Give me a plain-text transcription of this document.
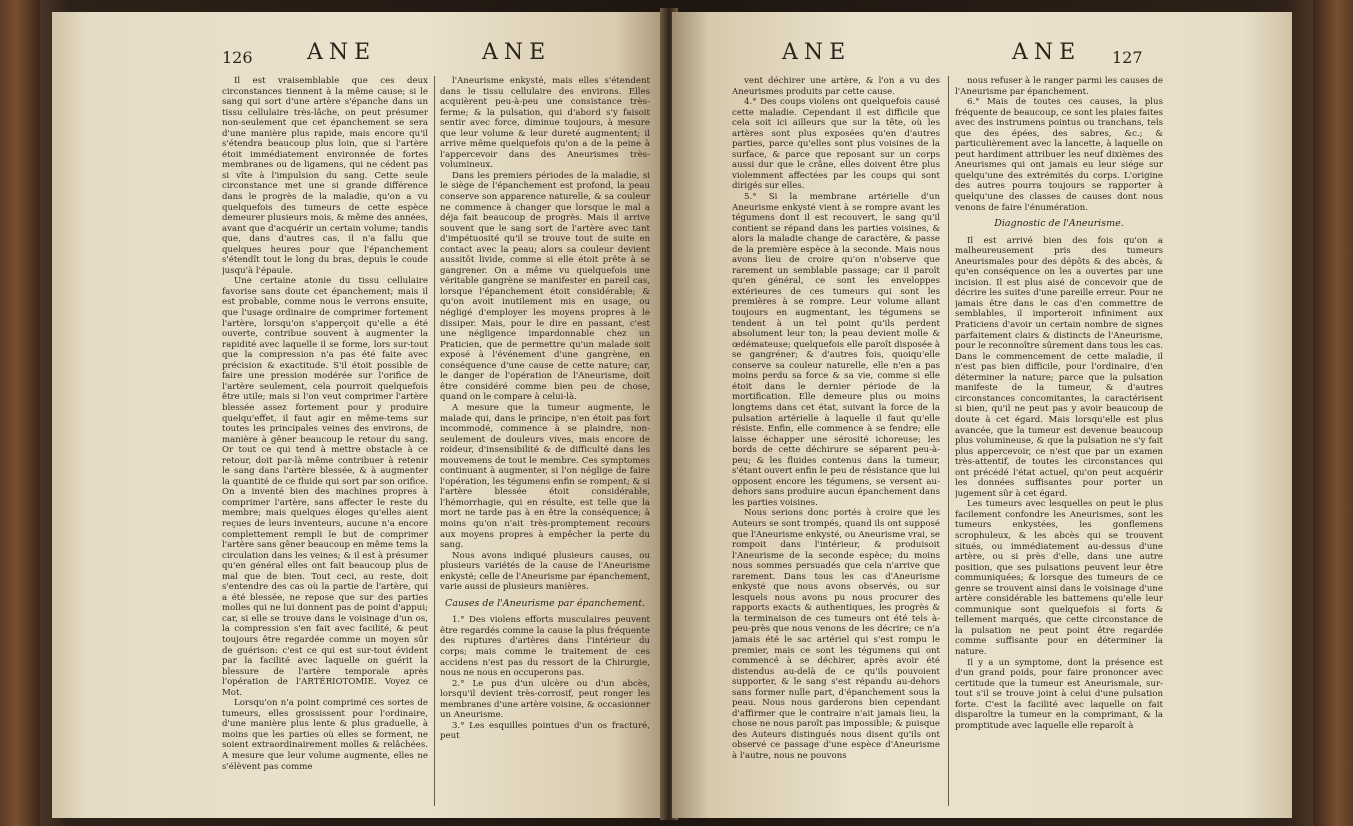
126 ANE	ANE

Il est vraisemblable que ces deux circonstances tiennent à la même cause; si le sang qui sort d'une artère s'épanche dans un tissu cellulaire très-lâche, on peut présumer non-seulement que cet épanchement se sera d'une manière plus rapide, mais encore qu'il s'étendra beaucoup plus loin, que si l'artère étoit immédiatement environnée de fortes membranes ou de ligamens, qui ne cédent pas si vîte à l'impulsion du sang. Cette seule circonstance met une si grande différence dans le progrès de la maladie, qu'on a vu quelquefois des tumeurs de cette espèce demeurer plusieurs mois, & même des années, avant que d'acquérir un certain volume; tandis que, dans d'autres cas, il n'a fallu que quelques heures pour que l'épanchement s'étendît tout le long du bras, depuis le coude jusqu'à l'épaule.

Une certaine atonie du tissu cellulaire favorise sans doute cet épanchement; mais il est probable, comme nous le verrons ensuite, que l'usage ordinaire de comprimer fortement l'artère, lorsqu'on s'apperçoit qu'elle a été ouverte, contribue souvent à augmenter la rapidité avec laquelle il se forme, lors sur-tout que la compression n'a pas été faite avec précision & exactitude. S'il étoit possible de faire une pression modérée sur l'orifice de l'artère seulement, cela pourroit quelquefois être utile; mais si l'on veut comprimer l'artère blessée assez fortement pour y produire quelqu'effet, il faut agir en même-tems sur toutes les principales veines des environs, de manière à gêner beaucoup le retour du sang. Or tout ce qui tend à mettre obstacle à ce retour, doit par-là même contribuer à retenir le sang dans l'artère blessée, & à augmenter la quantité de ce fluide qui sort par son orifice. On a inventé bien des machines propres à comprimer l'artère, sans affecter le reste du membre; mais quelques éloges qu'elles aient reçues de leurs inventeurs, aucune n'a encore complettement rempli le but de comprimer l'artère sans gêner beaucoup en même tems la circulation dans les veines; & il est à présumer qu'en général elles ont fait beaucoup plus de mal que de bien. Tout ceci, au reste, doit s'entendre des cas où la partie de l'artère, qui a été blessée, ne repose que sur des parties molles qui ne lui donnent pas de point d'appui; car, si elle se trouve dans le voisinage d'un os, la compression s'en fait avec facilité, & peut toujours être regardée comme un moyen sûr de guérison: c'est ce qui est sur-tout évident par la facilité avec laquelle on guérit la blessure de l'artère temporale après l'opération de l'ARTÉRIOTOMIE. Voyez ce Mot.

Lorsqu'on n'a point comprimé ces sortes de tumeurs, elles grossissent pour l'ordinaire, d'une manière plus lente & plus graduelle, à moins que les parties où elles se forment, ne soient extraordinairement molles & relâchées. A mesure que leur volume augmente, elles ne s'élèvent pas comme

l'Aneurisme enkysté, mais elles s'étendent dans le tissu cellulaire des environs. Elles acquièrent peu-à-peu une consistance très-ferme; & la pulsation, qui d'abord s'y faisoit sentir avec force, diminue toujours, à mesure que leur volume & leur dureté augmentent; il arrive même quelquefois qu'on a de la peine à l'appercevoir dans des Aneurismes très-volumineux.

Dans les premiers périodes de la maladie, si le siège de l'épanchement est profond, la peau conserve son apparence naturelle, & sa couleur ne commence à changer que lorsque le mal a déja fait beaucoup de progrès. Mais il arrive souvent que le sang sort de l'artère avec tant d'impétuosité qu'il se trouve tout de suite en contact avec la peau; alors sa couleur devient aussitôt livide, comme si elle étoit prête à se gangrener. On a même vu quelquefois une véritable gangrène se manifester en pareil cas, lorsque l'épanchement étoit considérable; & qu'on avoit inutilement mis en usage, ou négligé d'employer les moyens propres à le dissiper. Mais, pour le dire en passant, c'est une négligence impardonnable chez un Praticien, que de permettre qu'un malade soit exposé à l'événement d'une gangrène, en conséquence d'une cause de cette nature; car, le danger de l'opération de l'Aneurisme, doit être considéré comme bien peu de chose, quand on le compare à celui-là.

A mesure que la tumeur augmente, le malade qui, dans le principe, n'en étoit pas fort incommodé, commence à se plaindre, non-seulement de douleurs vives, mais encore de roideur, d'insensibilité & de difficulté dans les mouvemens de tout le membre. Ces symptomes continuant à augmenter, si l'on néglige de faire l'opération, les tégumens enfin se rompent; & si l'artère blessée étoit considérable, l'hémorrhagie, qui en résulte, est telle que la mort ne tarde pas à en être la conséquence; à moins qu'on n'ait très-promptement recours aux moyens propres à empêcher la perte du sang.

Nous avons indiqué plusieurs causes, ou plusieurs variétés de la cause de l'Aneurisme enkysté; celle de l'Aneurisme par épanchement, varie aussi de plusieurs manières.

Causes de l'Aneurisme par épanchement.

1.° Des violens efforts musculaires peuvent être regardés comme la cause la plus fréquente des ruptures d'artères dans l'intérieur du corps; mais comme le traitement de ces accidens n'est pas du ressort de la Chirurgie, nous ne nous en occuperons pas.

2.° Le pus d'un ulcère ou d'un abcès, lorsqu'il devient très-corrosif, peut ronger les membranes d'une artère voisine, & occasionner un Aneurisme.

3.° Les esquilles pointues d'un os fracturé, peut

ANE	ANE 127

vent déchirer une artère, & l'on a vu des Aneurismes produits par cette cause.

4.° Des coups violens ont quelquefois causé cette maladie. Cependant il est difficile que cela soit ici ailleurs que sur la tête, où les artères sont plus exposées qu'en d'autres parties, parce qu'elles sont plus voisines de la surface, & parce que reposant sur un corps aussi dur que le crâne, elles doivent être plus violemment affectées par les coups qui sont dirigés sur elles.

5.° Si la membrane artérielle d'un Aneurisme enkysté vient à se rompre avant les tégumens dont il est recouvert, le sang qu'il contient se répand dans les parties voisines, & alors la maladie change de caractère, & passe de la première espèce à la seconde. Mais nous avons lieu de croire qu'on n'observe que rarement un semblable passage; car il paroît qu'en général, ce sont les enveloppes extérieures de ces tumeurs qui sont les premières à se rompre. Leur volume allant toujours en augmentant, les tégumens se tendent à un tel point qu'ils perdent absolument leur ton; la peau devient molle & œdémateuse; quelquefois elle paroît disposée à se gangréner; & d'autres fois, quoiqu'elle conserve sa couleur naturelle, elle n'en a pas moins perdu sa force & sa vie, comme si elle étoit dans le dernier période de la mortification. Elle demeure plus ou moins longtems dans cet état, suivant la force de la pulsation artérielle à laquelle il faut qu'elle résiste. Enfin, elle commence à se fendre; elle laisse échapper une sérosité ichoreuse; les bords de cette déchirure se séparent peu-à-peu; & les fluides contenus dans la tumeur, s'étant ouvert enfin le peu de résistance que lui opposent encore les tégumens, se versent au-dehors sans produire aucun épanchement dans les parties voisines.

Nous serions donc portés à croire que les Auteurs se sont trompés, quand ils ont supposé que l'Aneurisme enkysté, ou Aneurisme vrai, se rompoit dans l'intérieur, & produisoit l'Aneurisme de la seconde espèce; du moins nous sommes persuadés que cela n'arrive que rarement. Dans tous les cas d'Aneurisme enkysté que nous avons observés, ou sur lesquels nous avons pu nous procurer des rapports exacts & authentiques, les progrès & la terminaison de ces tumeurs ont été tels à-peu-près que nous venons de les décrire; ce n'a jamais été le sac artériel qui s'est rompu le premier, mais ce sont les tégumens qui ont commencé à se déchirer, après avoir été distendus au-delà de ce qu'ils pouvoient supporter, & le sang s'est répandu au-dehors sans former nulle part, d'épanchement sous la peau. Nous nous garderons bien cependant d'affirmer que le contraire n'ait jamais lieu, la chose ne nous paroît pas impossible; & puisque des Auteurs distingués nous disent qu'ils ont observé ce passage d'une espèce d'Aneurisme à l'autre, nous ne pouvons

nous refuser à le ranger parmi les causes de l'Aneurisme par épanchement.

6.° Mais de toutes ces causes, la plus fréquente de beaucoup, ce sont les plaies faites avec des instrumens pointus ou tranchans, tels que des épées, des sabres, &c.; & particulièrement avec la lancette, à laquelle on peut hardiment attribuer les neuf dixièmes des Aneurismes qui ont jamais eu leur siége sur quelqu'une des extrémités du corps. L'origine des autres pourra toujours se rapporter à quelqu'une des classes de causes dont nous venons de faire l'énumération.

Diagnostic de l'Aneurisme.

Il est arrivé bien des fois qu'on a malheureusement pris des tumeurs Aneurismales pour des dépôts & des abcès, & qu'en conséquence on les a ouvertes par une incision. Il est plus aisé de concevoir que de décrire les suites d'une pareille erreur. Pour ne jamais être dans le cas d'en commettre de semblables, il importeroit infiniment aux Praticiens d'avoir un certain nombre de signes parfaitement clairs & distincts de l'Aneurisme, pour le reconnoître sûrement dans tous les cas. Dans le commencement de cette maladie, il n'est pas bien difficile, pour l'ordinaire, d'en déterminer la nature; parce que la pulsation manifeste de la tumeur, & d'autres circonstances concomitantes, la caractérisent si bien, qu'il ne peut pas y avoir beaucoup de doute à cet égard. Mais lorsqu'elle est plus avancée, que la tumeur est devenue beaucoup plus volumineuse, & que la pulsation ne s'y fait plus appercevoir, ce n'est que par un examen très-attentif, de toutes les circonstances qui ont précédé l'état actuel, qu'on peut acquérir les données suffisantes pour porter un jugement sûr à cet égard.

Les tumeurs avec lesquelles on peut le plus facilement confondre les Aneurismes, sont les tumeurs enkystées, les gonflemens scrophuleux, & les abcès qui se trouvent situés, ou immédiatement au-dessus d'une artère, ou si près d'elle, dans une autre position, que ses pulsations peuvent leur être communiquées; & lorsque des tumeurs de ce genre se trouvent ainsi dans le voisinage d'une artère considérable les battemens qu'elle leur communique sont quelquefois si forts & tellement marqués, que cette circonstance de la pulsation ne peut point être regardée comme suffisante pour en déterminer la nature.

Il y a un symptome, dont la présence est d'un grand poids, pour faire prononcer avec certitude que la tumeur est Aneurismale, sur-tout s'il se trouve joint à celui d'une pulsation forte. C'est la facilité avec laquelle on fait disparoître la tumeur en la comprimant, & la promptitude avec laquelle elle reparoît à
